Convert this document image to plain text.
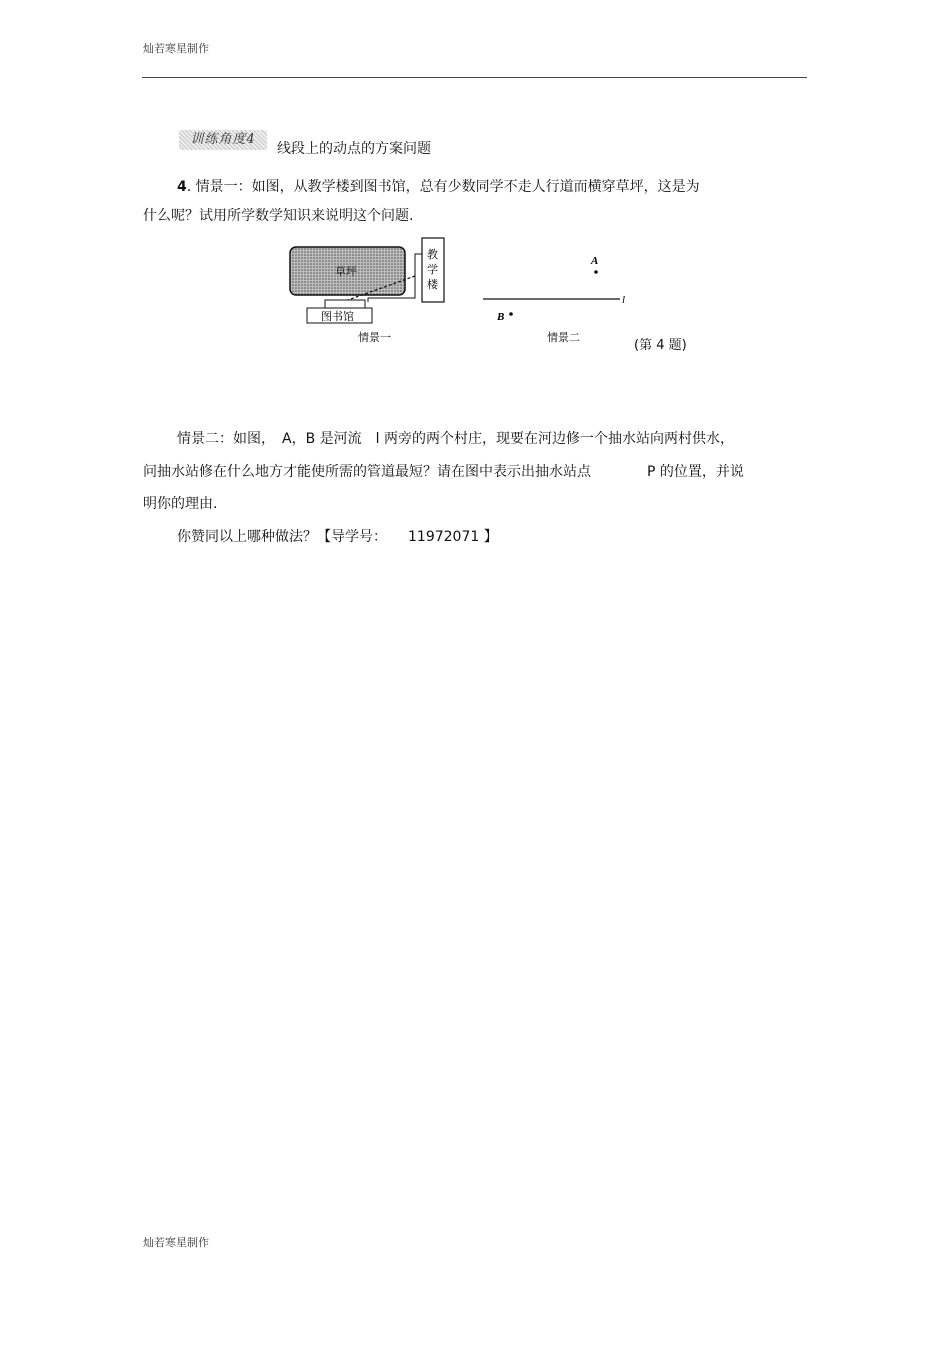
灿若寒星制作
训练角度4
线段上的动点的方案问题
4. 情景一：如图，从教学楼到图书馆，总有少数同学不走人行道而横穿草坪，这是为
什么呢？试用所学数学知识来说明这个问题.
草坪
教
学
楼
图书馆
情景一
l
A
B
情景二
(第 4 题)
情景二：如图，　A，B 是河流　l 两旁的两个村庄，现要在河边修一个抽水站向两村供水，
问抽水站修在什么地方才能使所需的管道最短？请在图中表示出抽水站点　　　　P 的位置，并说
明你的理由.
你赞同以上哪种做法？【导学号：　　11972071 】
灿若寒星制作
